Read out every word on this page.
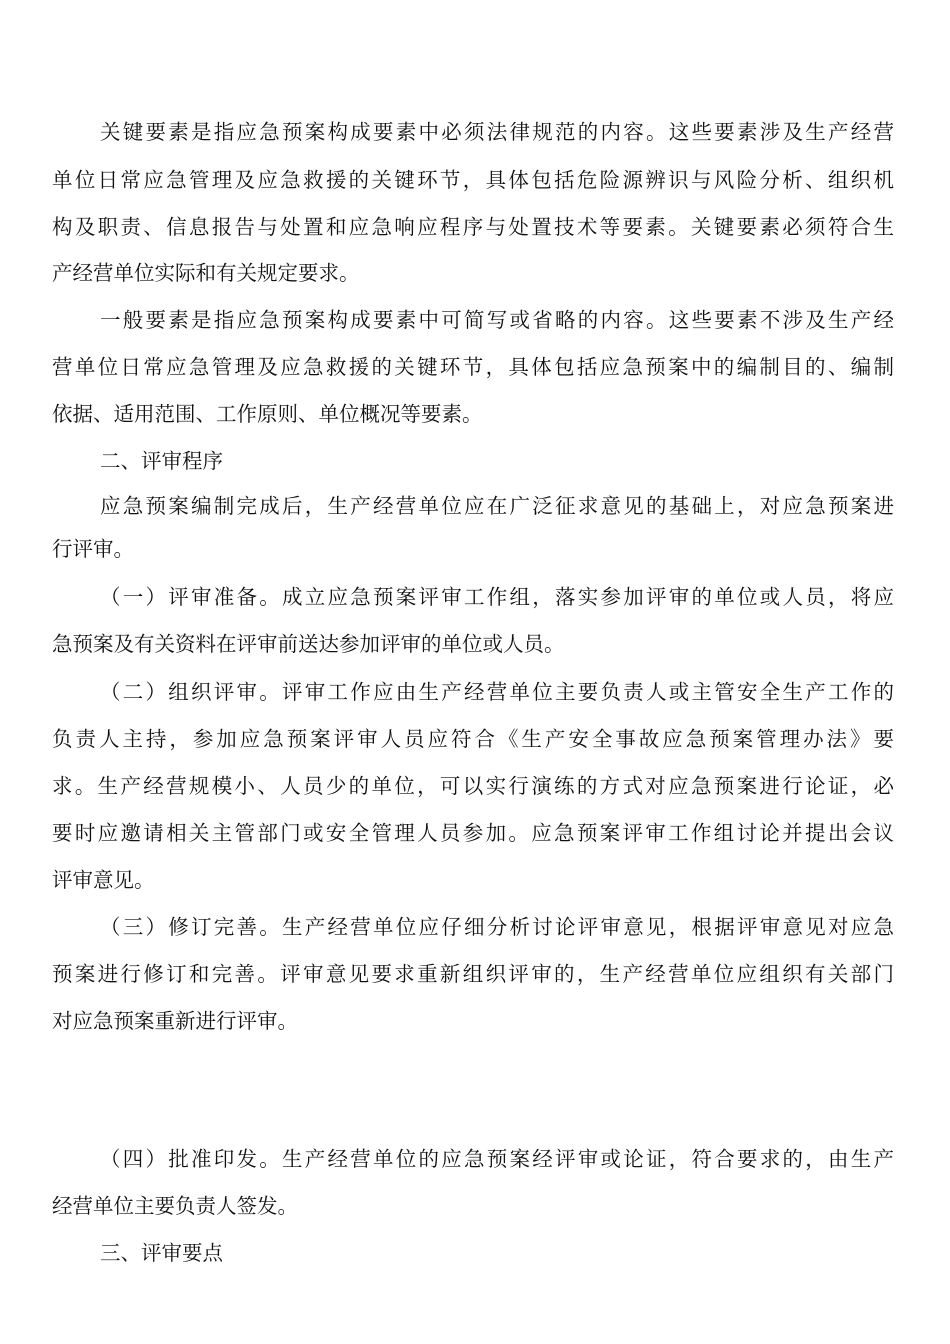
关键要素是指应急预案构成要素中必须法律规范的内容。这些要素涉及生产经营
单位日常应急管理及应急救援的关键环节，具体包括危险源辨识与风险分析、组织机
构及职责、信息报告与处置和应急响应程序与处置技术等要素。关键要素必须符合生
产经营单位实际和有关规定要求。
一般要素是指应急预案构成要素中可简写或省略的内容。这些要素不涉及生产经
营单位日常应急管理及应急救援的关键环节，具体包括应急预案中的编制目的、编制
依据、适用范围、工作原则、单位概况等要素。
二、评审程序
应急预案编制完成后，生产经营单位应在广泛征求意见的基础上，对应急预案进
行评审。
（一）评审准备。成立应急预案评审工作组，落实参加评审的单位或人员，将应
急预案及有关资料在评审前送达参加评审的单位或人员。
（二）组织评审。评审工作应由生产经营单位主要负责人或主管安全生产工作的
负责人主持，参加应急预案评审人员应符合《生产安全事故应急预案管理办法》要
求。生产经营规模小、人员少的单位，可以实行演练的方式对应急预案进行论证，必
要时应邀请相关主管部门或安全管理人员参加。应急预案评审工作组讨论并提出会议
评审意见。
（三）修订完善。生产经营单位应仔细分析讨论评审意见，根据评审意见对应急
预案进行修订和完善。评审意见要求重新组织评审的，生产经营单位应组织有关部门
对应急预案重新进行评审。
（四）批准印发。生产经营单位的应急预案经评审或论证，符合要求的，由生产
经营单位主要负责人签发。
三、评审要点
